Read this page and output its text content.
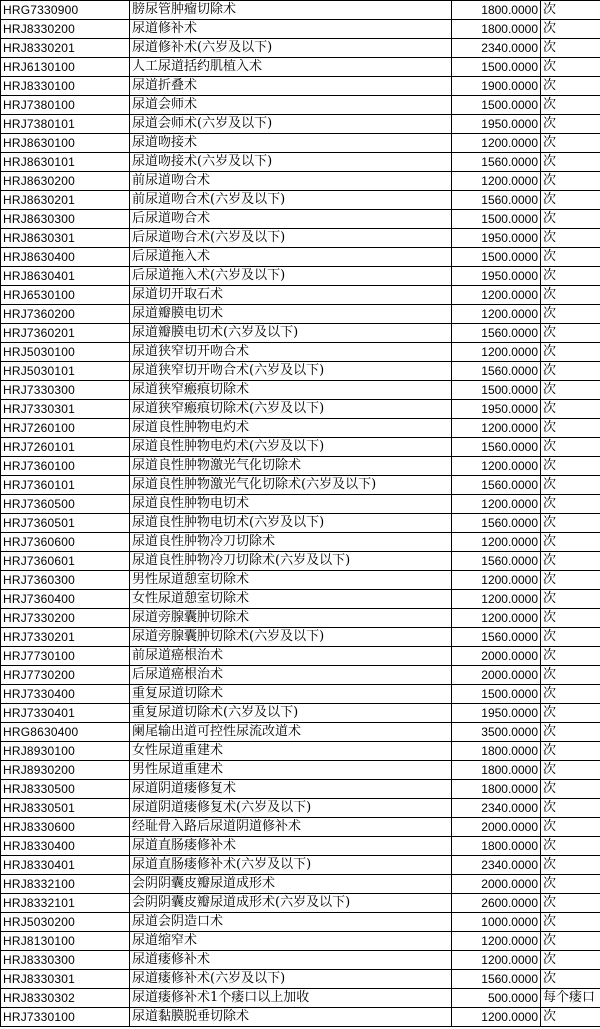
HRG7330900	膀尿管肿瘤切除术	1800.0000	次
HRJ8330200	尿道修补术	1800.0000	次
HRJ8330201	尿道修补术(六岁及以下)	2340.0000	次
HRJ6130100	人工尿道括约肌植入术	1500.0000	次
HRJ8330100	尿道折叠术	1900.0000	次
HRJ7380100	尿道会师术	1500.0000	次
HRJ7380101	尿道会师术(六岁及以下)	1950.0000	次
HRJ8630100	尿道吻接术	1200.0000	次
HRJ8630101	尿道吻接术(六岁及以下)	1560.0000	次
HRJ8630200	前尿道吻合术	1200.0000	次
HRJ8630201	前尿道吻合术(六岁及以下)	1560.0000	次
HRJ8630300	后尿道吻合术	1500.0000	次
HRJ8630301	后尿道吻合术(六岁及以下)	1950.0000	次
HRJ8630400	后尿道拖入术	1500.0000	次
HRJ8630401	后尿道拖入术(六岁及以下)	1950.0000	次
HRJ6530100	尿道切开取石术	1200.0000	次
HRJ7360200	尿道瓣膜电切术	1200.0000	次
HRJ7360201	尿道瓣膜电切术(六岁及以下)	1560.0000	次
HRJ5030100	尿道狭窄切开吻合术	1200.0000	次
HRJ5030101	尿道狭窄切开吻合术(六岁及以下)	1560.0000	次
HRJ7330300	尿道狭窄瘢痕切除术	1500.0000	次
HRJ7330301	尿道狭窄瘢痕切除术(六岁及以下)	1950.0000	次
HRJ7260100	尿道良性肿物电灼术	1200.0000	次
HRJ7260101	尿道良性肿物电灼术(六岁及以下)	1560.0000	次
HRJ7360100	尿道良性肿物激光气化切除术	1200.0000	次
HRJ7360101	尿道良性肿物激光气化切除术(六岁及以下)	1560.0000	次
HRJ7360500	尿道良性肿物电切术	1200.0000	次
HRJ7360501	尿道良性肿物电切术(六岁及以下)	1560.0000	次
HRJ7360600	尿道良性肿物冷刀切除术	1200.0000	次
HRJ7360601	尿道良性肿物冷刀切除术(六岁及以下)	1560.0000	次
HRJ7360300	男性尿道憩室切除术	1200.0000	次
HRJ7360400	女性尿道憩室切除术	1200.0000	次
HRJ7330200	尿道旁腺囊肿切除术	1200.0000	次
HRJ7330201	尿道旁腺囊肿切除术(六岁及以下)	1560.0000	次
HRJ7730100	前尿道癌根治术	2000.0000	次
HRJ7730200	后尿道癌根治术	2000.0000	次
HRJ7330400	重复尿道切除术	1500.0000	次
HRJ7330401	重复尿道切除术(六岁及以下)	1950.0000	次
HRG8630400	阑尾输出道可控性尿流改道术	3500.0000	次
HRJ8930100	女性尿道重建术	1800.0000	次
HRJ8930200	男性尿道重建术	1800.0000	次
HRJ8330500	尿道阴道瘘修复术	1800.0000	次
HRJ8330501	尿道阴道瘘修复术(六岁及以下)	2340.0000	次
HRJ8330600	经耻骨入路后尿道阴道修补术	2000.0000	次
HRJ8330400	尿道直肠瘘修补术	1800.0000	次
HRJ8330401	尿道直肠瘘修补术(六岁及以下)	2340.0000	次
HRJ8332100	会阴阴囊皮瓣尿道成形术	2000.0000	次
HRJ8332101	会阴阴囊皮瓣尿道成形术(六岁及以下)	2600.0000	次
HRJ5030200	尿道会阴造口术	1000.0000	次
HRJ8130100	尿道缩窄术	1200.0000	次
HRJ8330300	尿道瘘修补术	1200.0000	次
HRJ8330301	尿道瘘修补术(六岁及以下)	1560.0000	次
HRJ8330302	尿道瘘修补术1个瘘口以上加收	500.0000	每个瘘口
HRJ7330100	尿道黏膜脱垂切除术	1200.0000	次
